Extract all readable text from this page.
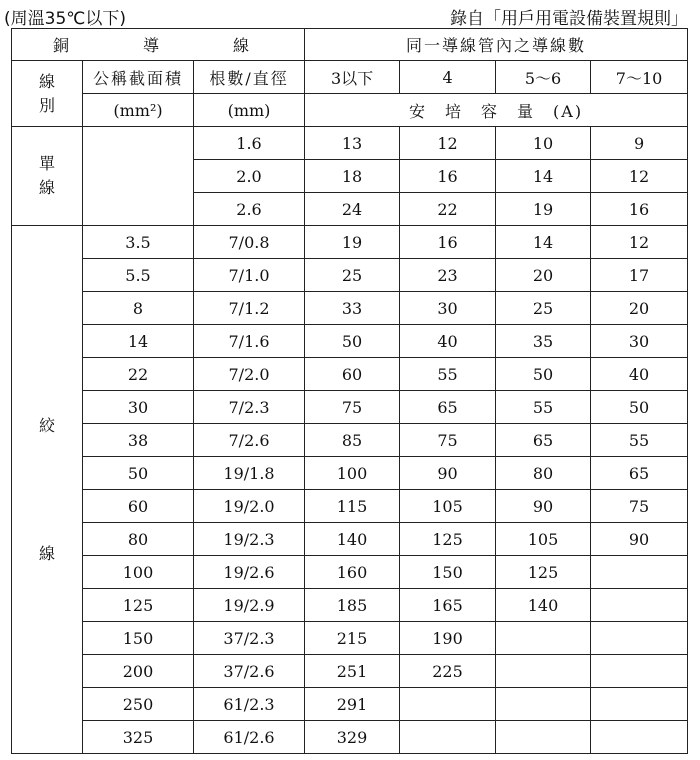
(周溫35℃以下)	錄自「用戶用電設備裝置規則」
銅　　導　　線			同一導線管內之導線數			
線
別	公稱截面積	根數/直徑	3以下	4	5～6	7～10
	(mm²)	(mm)	安　培　容　量　(A)			
單
線		1.6	13	12	10	9
		2.0	18	16	14	12
		2.6	24	22	19	16
絞
線	3.5	7/0.8	19	16	14	12
	5.5	7/1.0	25	23	20	17
	8	7/1.2	33	30	25	20
	14	7/1.6	50	40	35	30
	22	7/2.0	60	55	50	40
	30	7/2.3	75	65	55	50
	38	7/2.6	85	75	65	55
	50	19/1.8	100	90	80	65
	60	19/2.0	115	105	90	75
	80	19/2.3	140	125	105	90
	100	19/2.6	160	150	125	
	125	19/2.9	185	165	140	
	150	37/2.3	215	190		
	200	37/2.6	251	225		
	250	61/2.3	291			
	325	61/2.6	329			
